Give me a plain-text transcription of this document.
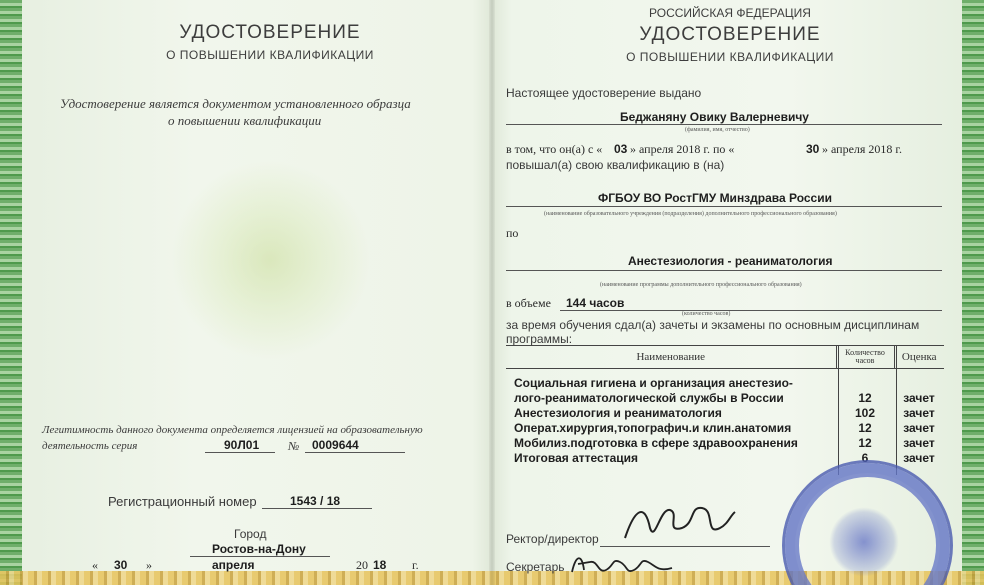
УДОСТОВЕРЕНИЕ
О ПОВЫШЕНИИ КВАЛИФИКАЦИИ
Удостоверение является документом установленного образца
о повышении квалификации
Легитимность данного документа определяется лицензией на образовательную
деятельность серия	90Л01 № 0009644
Регистрационный номер	1543 / 18
Город
Ростов-на-Дону
« 30 »	апреля	20 18 г.
РОССИЙСКАЯ ФЕДЕРАЦИЯ
УДОСТОВЕРЕНИЕ
О ПОВЫШЕНИИ КВАЛИФИКАЦИИ
Настоящее удостоверение выдано
Беджаняну Овику Валерневичу
(фамилия, имя, отчество)
в том, что он(а) с « 03 » апреля 2018 г. по «	30 » апреля 2018 г.
повышал(а) свою квалификацию в (на)
ФГБОУ ВО РостГМУ Минздрава России
(наименование образовательного учреждения (подразделения) дополнительного профессионального образования)
по
Анестезиология - реаниматология
(наименование программы дополнительного профессионального образования)
в объеме 144 часов
(количество часов)
за время обучения сдал(а) зачеты и экзамены по основным дисциплинам
программы:
Наименование	Количество часов	Оценка

Социальная гигиена и организация анестезио-		
лого-реаниматологической службы в России	12	зачет
Анестезиология и реаниматология	102	зачет
Операт.хирургия,топографич.и клин.анатомия	12	зачет
Мобилиз.подготовка в сфере здравоохранения	12	зачет
Итоговая аттестация	6	зачет
Ректор/директор
Секретарь
